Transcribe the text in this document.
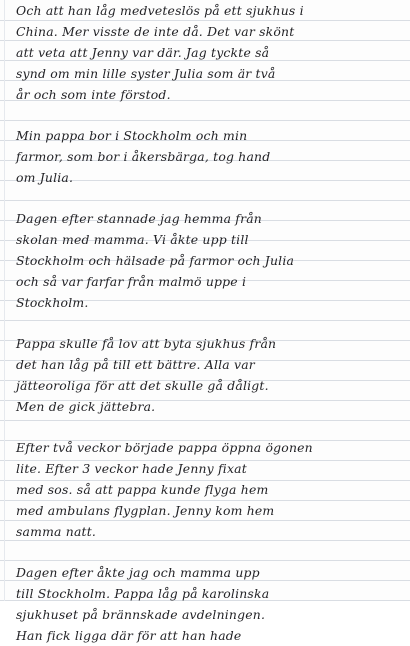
Och att han låg medveteslös på ett sjukhus i
China. Mer visste de inte då. Det var skönt
att veta att Jenny var där. Jag tyckte så
synd om min lille syster Julia som är två
år och som inte förstod.
Min pappa bor i Stockholm och min
farmor, som bor i åkersbärga, tog hand
om Julia.
Dagen efter stannade jag hemma från
skolan med mamma. Vi åkte upp till
Stockholm och hälsade på farmor och Julia
och så var farfar från malmö uppe i
Stockholm.
Pappa skulle få lov att byta sjukhus från
det han låg på till ett bättre. Alla var
jätteoroliga för att det skulle gå dåligt.
Men de gick jättebra.
Efter två veckor började pappa öppna ögonen
lite. Efter 3 veckor hade Jenny fixat
med sos. så att pappa kunde flyga hem
med ambulans flygplan. Jenny kom hem
samma natt.
Dagen efter åkte jag och mamma upp
till Stockholm. Pappa låg på karolinska
sjukhuset på brännskade avdelningen.
Han fick ligga där för att han hade
